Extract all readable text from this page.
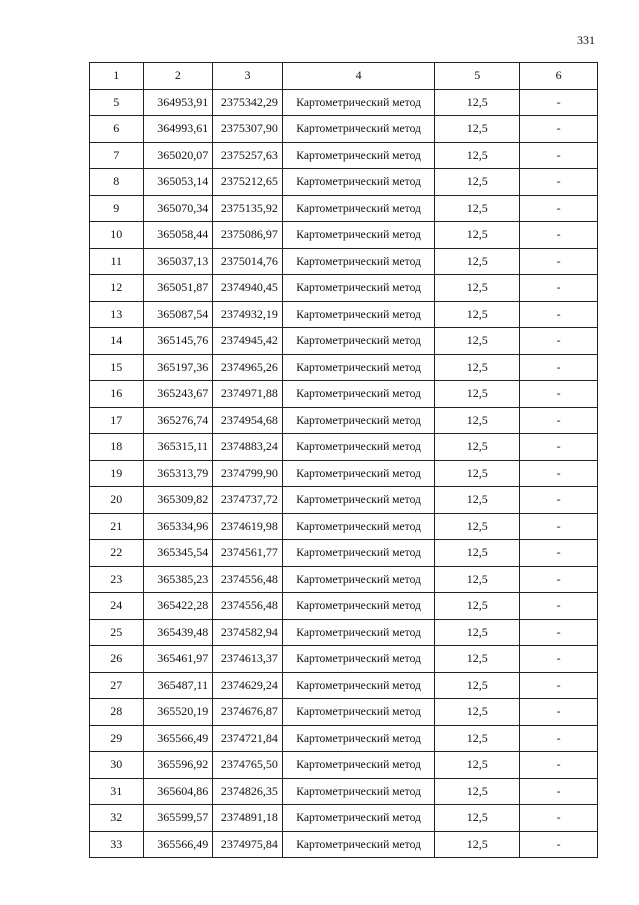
331
1	2	3	4	5	6
5	364953,91	2375342,29	Картометрический метод	12,5	-
6	364993,61	2375307,90	Картометрический метод	12,5	-
7	365020,07	2375257,63	Картометрический метод	12,5	-
8	365053,14	2375212,65	Картометрический метод	12,5	-
9	365070,34	2375135,92	Картометрический метод	12,5	-
10	365058,44	2375086,97	Картометрический метод	12,5	-
11	365037,13	2375014,76	Картометрический метод	12,5	-
12	365051,87	2374940,45	Картометрический метод	12,5	-
13	365087,54	2374932,19	Картометрический метод	12,5	-
14	365145,76	2374945,42	Картометрический метод	12,5	-
15	365197,36	2374965,26	Картометрический метод	12,5	-
16	365243,67	2374971,88	Картометрический метод	12,5	-
17	365276,74	2374954,68	Картометрический метод	12,5	-
18	365315,11	2374883,24	Картометрический метод	12,5	-
19	365313,79	2374799,90	Картометрический метод	12,5	-
20	365309,82	2374737,72	Картометрический метод	12,5	-
21	365334,96	2374619,98	Картометрический метод	12,5	-
22	365345,54	2374561,77	Картометрический метод	12,5	-
23	365385,23	2374556,48	Картометрический метод	12,5	-
24	365422,28	2374556,48	Картометрический метод	12,5	-
25	365439,48	2374582,94	Картометрический метод	12,5	-
26	365461,97	2374613,37	Картометрический метод	12,5	-
27	365487,11	2374629,24	Картометрический метод	12,5	-
28	365520,19	2374676,87	Картометрический метод	12,5	-
29	365566,49	2374721,84	Картометрический метод	12,5	-
30	365596,92	2374765,50	Картометрический метод	12,5	-
31	365604,86	2374826,35	Картометрический метод	12,5	-
32	365599,57	2374891,18	Картометрический метод	12,5	-
33	365566,49	2374975,84	Картометрический метод	12,5	-
